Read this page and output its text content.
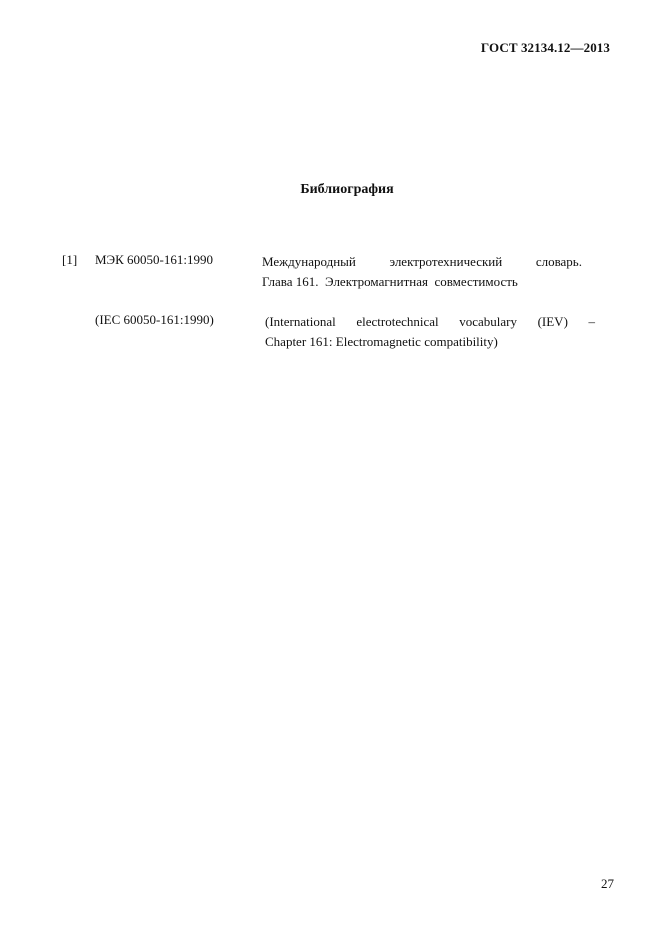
ГОСТ 32134.12—2013
Библиография
[1] МЭК 60050-161:1990	Международный электротехнический словарь.
Глава 161.  Электромагнитная  совместимость
(IEC 60050-161:1990)	(International electrotechnical vocabulary (IEV) –
Chapter 161: Electromagnetic compatibility)
27
